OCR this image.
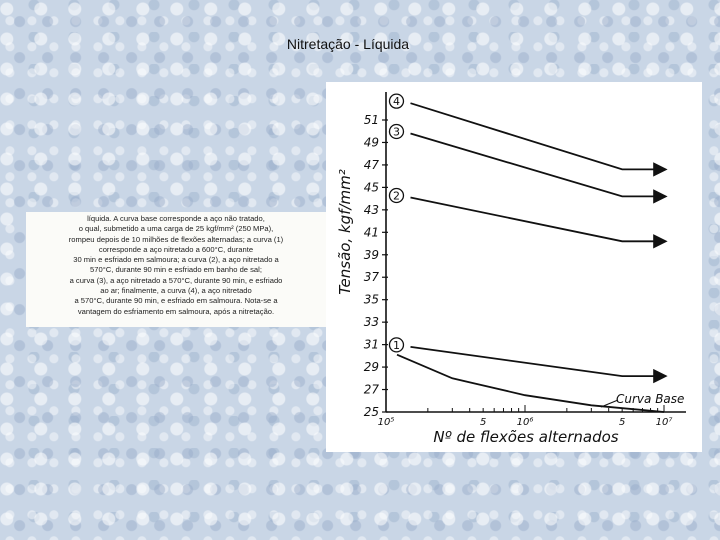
Nitretação - Líquida
líquida. A curva base corresponde a aço não tratado,
o qual, submetido a uma carga de 25 kgf/mm² (250 MPa),
rompeu depois de 10 milhões de flexões alternadas; a curva (1)
corresponde a aço nitretado a 600°C, durante
30 min e esfriado em salmoura; a curva (2), a aço nitretado a
570°C, durante 90 min e esfriado em banho de sal;
a curva (3), a aço nitretado a 570°C, durante 90 min, e esfriado
ao ar; finalmente, a curva (4), a aço nitretado
a 570°C, durante 90 min, e esfriado em salmoura. Nota-se a
vantagem do esfriamento em salmoura, após a nitretação.
51
49
47
45
43
41
39
37
35
33
31
29
27
25
10⁵	5	10⁶	5	10⁷
Tensão, kgf/mm²
Nº de flexões alternados
4
3
2
1
Curva Base
